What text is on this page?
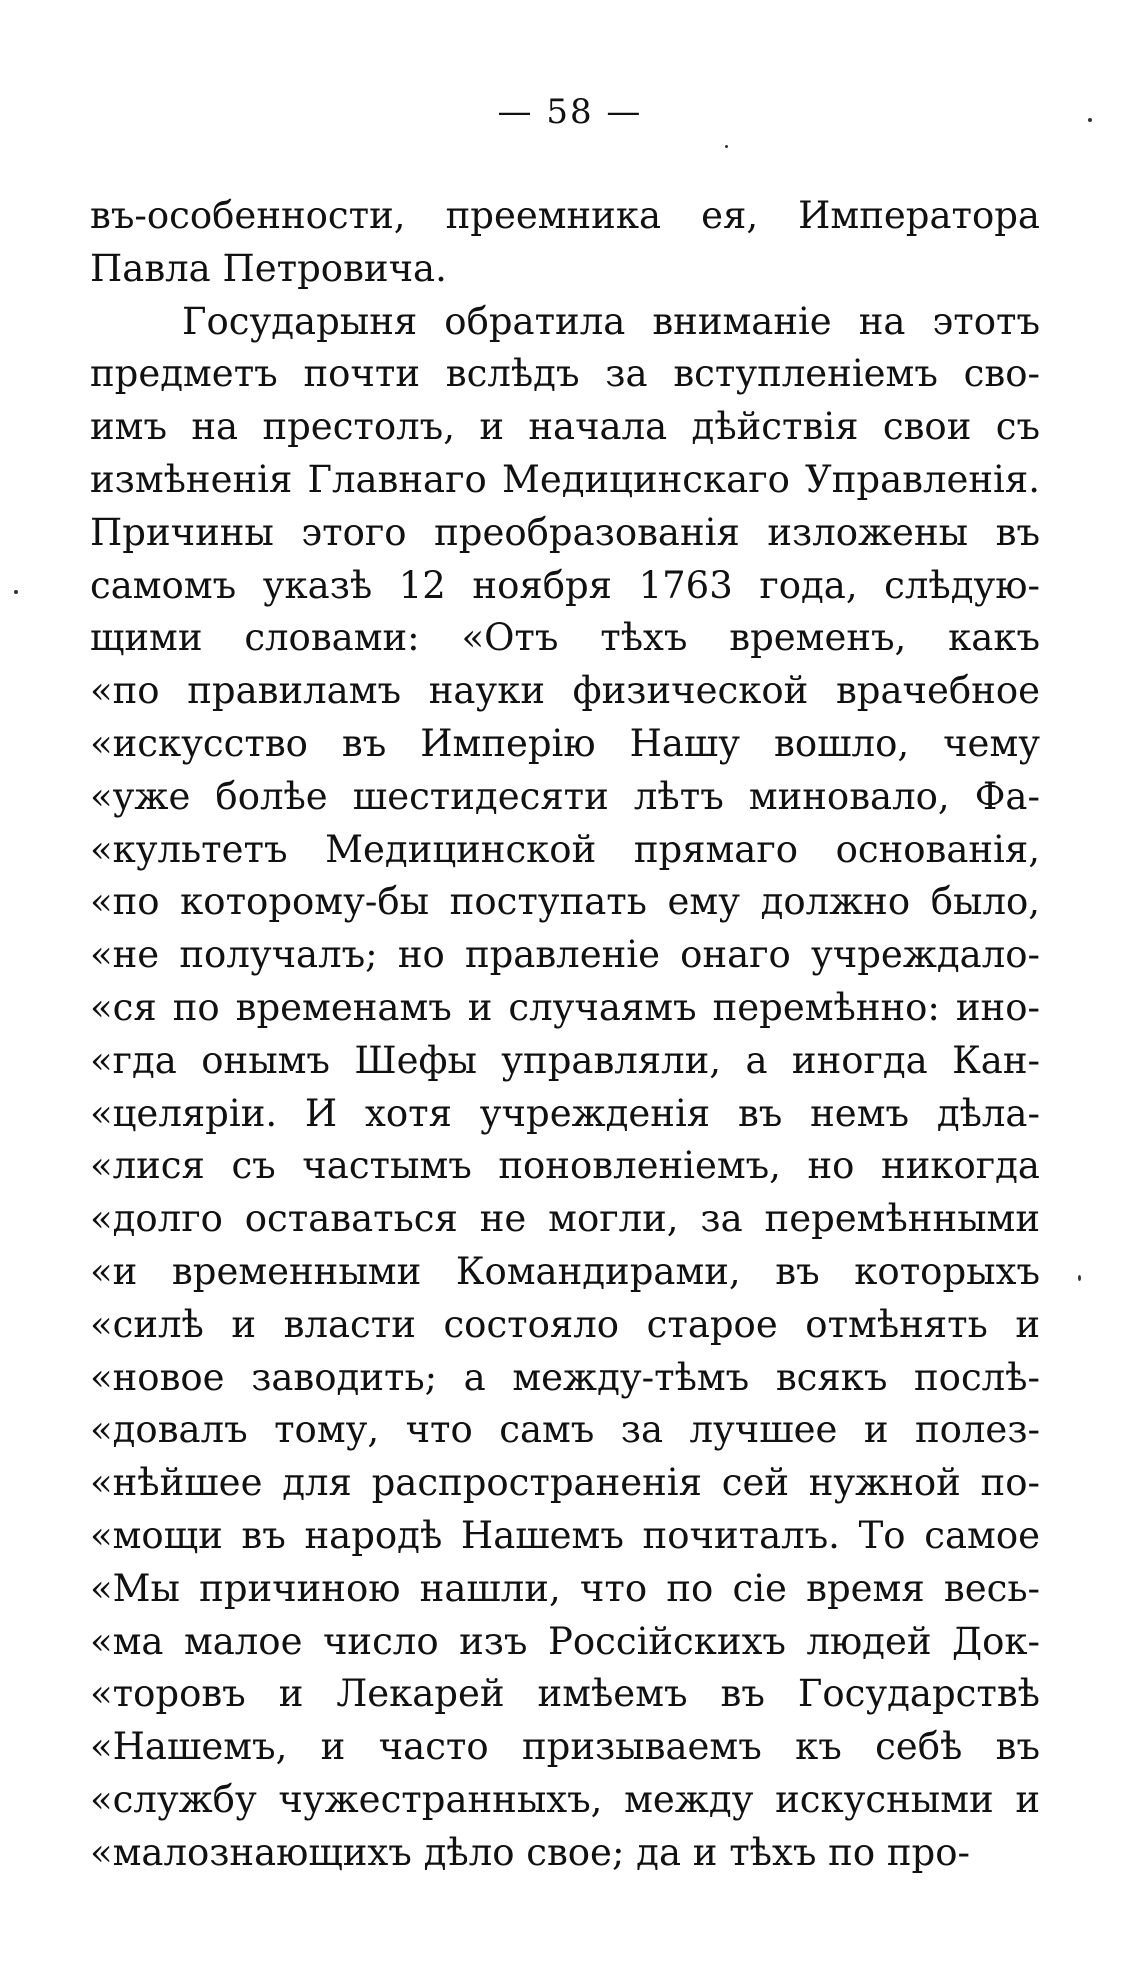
— 58 —
въ-особенности, преемника ея, Императора
Павла Петровича.
Государыня обратила вниманіе на этотъ
предметъ почти вслѣдъ за вступленіемъ сво-
имъ на престолъ, и начала дѣйствія свои съ
измѣненія Главнаго Медицинскаго Управленія.
Причины этого преобразованія изложены въ
самомъ указѣ 12 ноября 1763 года, слѣдую-
щими словами: «Отъ тѣхъ временъ, какъ
«по правиламъ науки физической врачебное
«искусство въ Имперію Нашу вошло, чему
«уже болѣе шестидесяти лѣтъ миновало, Фа-
«культетъ Медицинской прямаго основанія,
«по которому-бы поступать ему должно было,
«не получалъ; но правленіе онаго учреждало-
«ся по временамъ и случаямъ перемѣнно: ино-
«гда онымъ Шефы управляли, а иногда Кан-
«целяріи. И хотя учрежденія въ немъ дѣла-
«лися съ частымъ поновленіемъ, но никогда
«долго оставаться не могли, за перемѣнными
«и временными Командирами, въ которыхъ
«силѣ и власти состояло старое отмѣнять и
«новое заводить; а между-тѣмъ всякъ послѣ-
«довалъ тому, что самъ за лучшее и полез-
«нѣйшее для распространенія сей нужной по-
«мощи въ народѣ Нашемъ почиталъ. То самое
«Мы причиною нашли, что по сіе время весь-
«ма малое число изъ Россійскихъ людей Док-
«торовъ и Лекарей имѣемъ въ Государствѣ
«Нашемъ, и часто призываемъ къ себѣ въ
«службу чужестранныхъ, между искусными и
«малознающихъ дѣло свое; да и тѣхъ по про-
